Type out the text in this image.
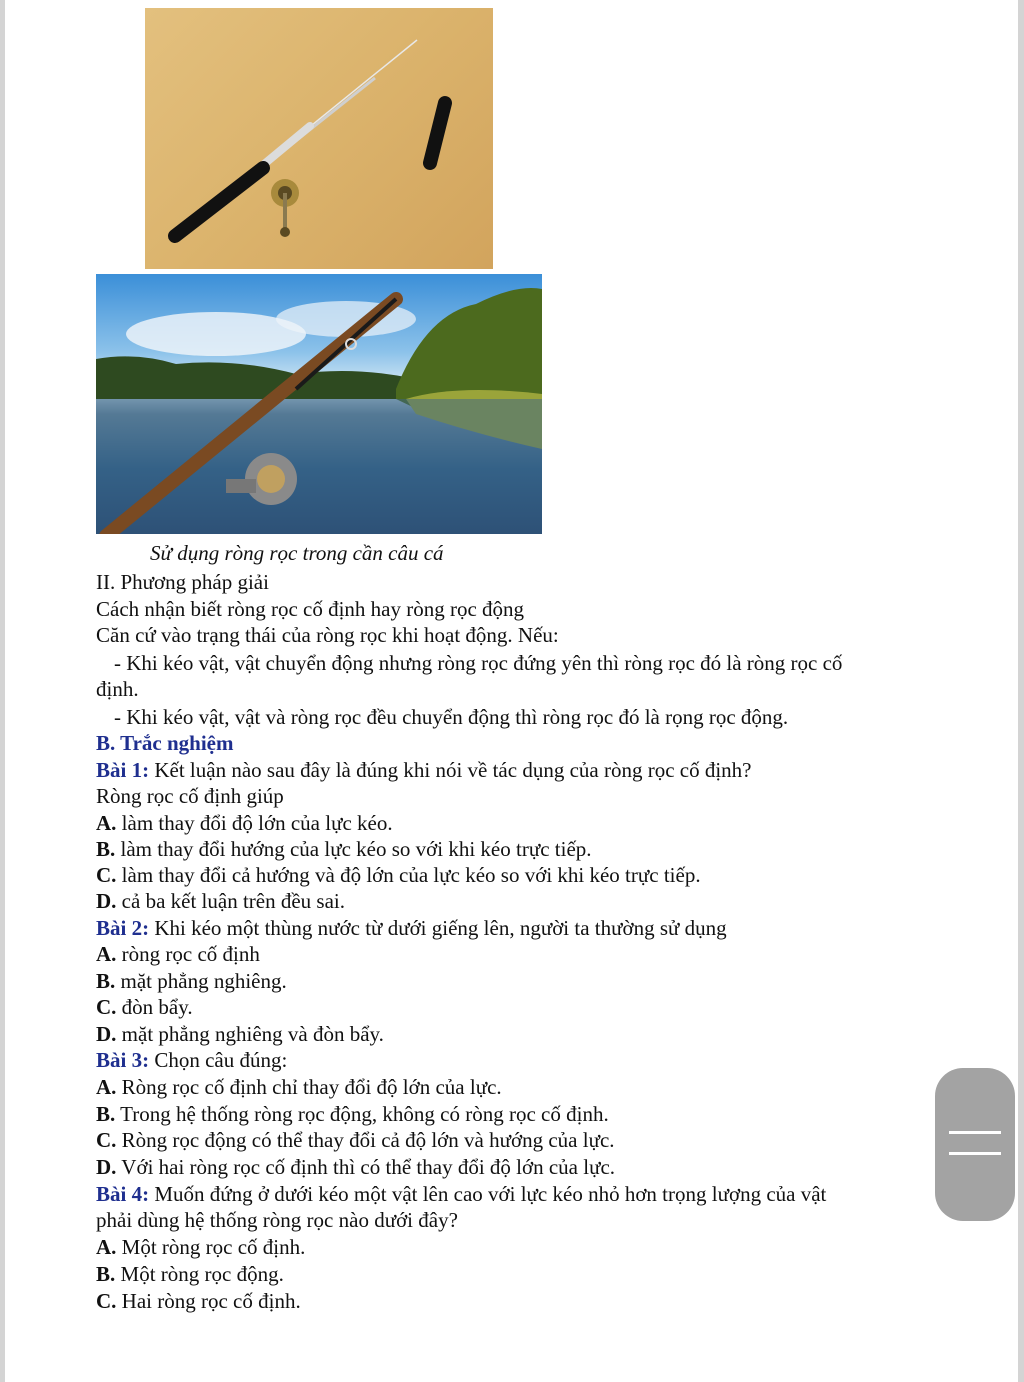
Sử dụng ròng rọc trong cần câu cá
II. Phương pháp giải
Cách nhận biết ròng rọc cố định hay ròng rọc động
Căn cứ vào trạng thái của ròng rọc khi hoạt động. Nếu:
- Khi kéo vật, vật chuyển động nhưng ròng rọc đứng yên thì ròng rọc đó là ròng rọc cố
định.
- Khi kéo vật, vật và ròng rọc đều chuyển động thì ròng rọc đó là rọng rọc động.
B. Trắc nghiệm
Bài 1: Kết luận nào sau đây là đúng khi nói về tác dụng của ròng rọc cố định?
Ròng rọc cố định giúp
A. làm thay đổi độ lớn của lực kéo.
B. làm thay đổi hướng của lực kéo so với khi kéo trực tiếp.
C. làm thay đổi cả hướng và độ lớn của lực kéo so với khi kéo trực tiếp.
D. cả ba kết luận trên đều sai.
Bài 2: Khi kéo một thùng nước từ dưới giếng lên, người ta thường sử dụng
A. ròng rọc cố định
B. mặt phẳng nghiêng.
C. đòn bẩy.
D. mặt phẳng nghiêng và đòn bẩy.
Bài 3: Chọn câu đúng:
A. Ròng rọc cố định chỉ thay đổi độ lớn của lực.
B. Trong hệ thống ròng rọc động, không có ròng rọc cố định.
C. Ròng rọc động có thể thay đổi cả độ lớn và hướng của lực.
D. Với hai ròng rọc cố định thì có thể thay đổi độ lớn của lực.
Bài 4: Muốn đứng ở dưới kéo một vật lên cao với lực kéo nhỏ hơn trọng lượng của vật
phải dùng hệ thống ròng rọc nào dưới đây?
A. Một ròng rọc cố định.
B. Một ròng rọc động.
C. Hai ròng rọc cố định.
